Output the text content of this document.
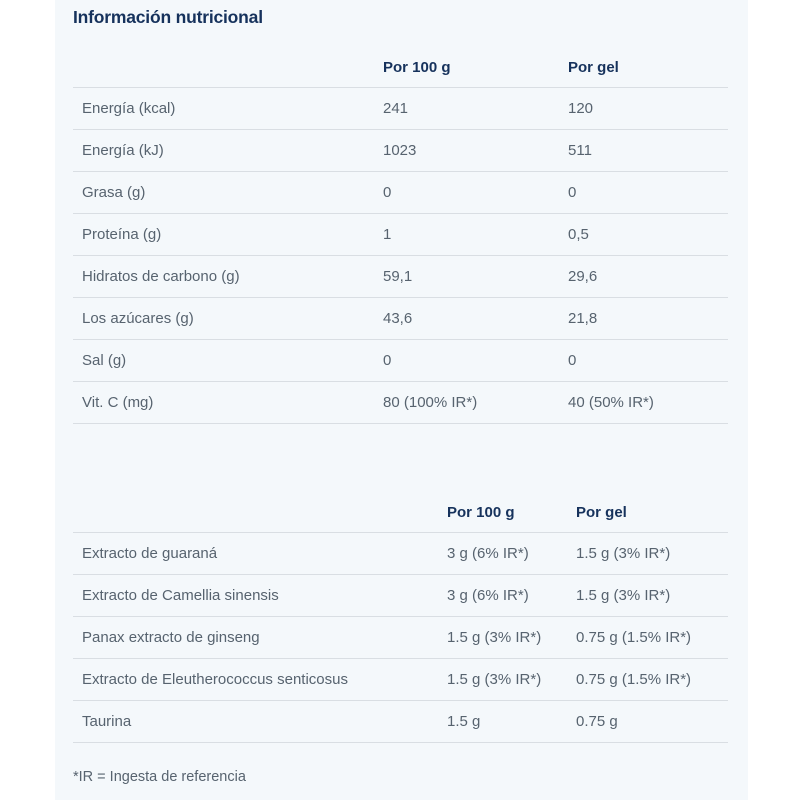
Información nutricional
Por 100 g	Por gel
Energía (kcal)	241	120
Energía (kJ)	1023	511
Grasa (g)	0	0
Proteína (g)	1	0,5
Hidratos de carbono (g)	59,1	29,6
Los azúcares (g)	43,6	21,8
Sal (g)	0	0
Vit. C (mg)	80 (100% IR*)	40 (50% IR*)
Por 100 g	Por gel
Extracto de guaraná	3 g (6% IR*)	1.5 g (3% IR*)
Extracto de Camellia sinensis	3 g (6% IR*)	1.5 g (3% IR*)
Panax extracto de ginseng	1.5 g (3% IR*)	0.75 g (1.5% IR*)
Extracto de Eleutherococcus senticosus	1.5 g (3% IR*)	0.75 g (1.5% IR*)
Taurina	1.5 g	0.75 g
*IR = Ingesta de referencia
